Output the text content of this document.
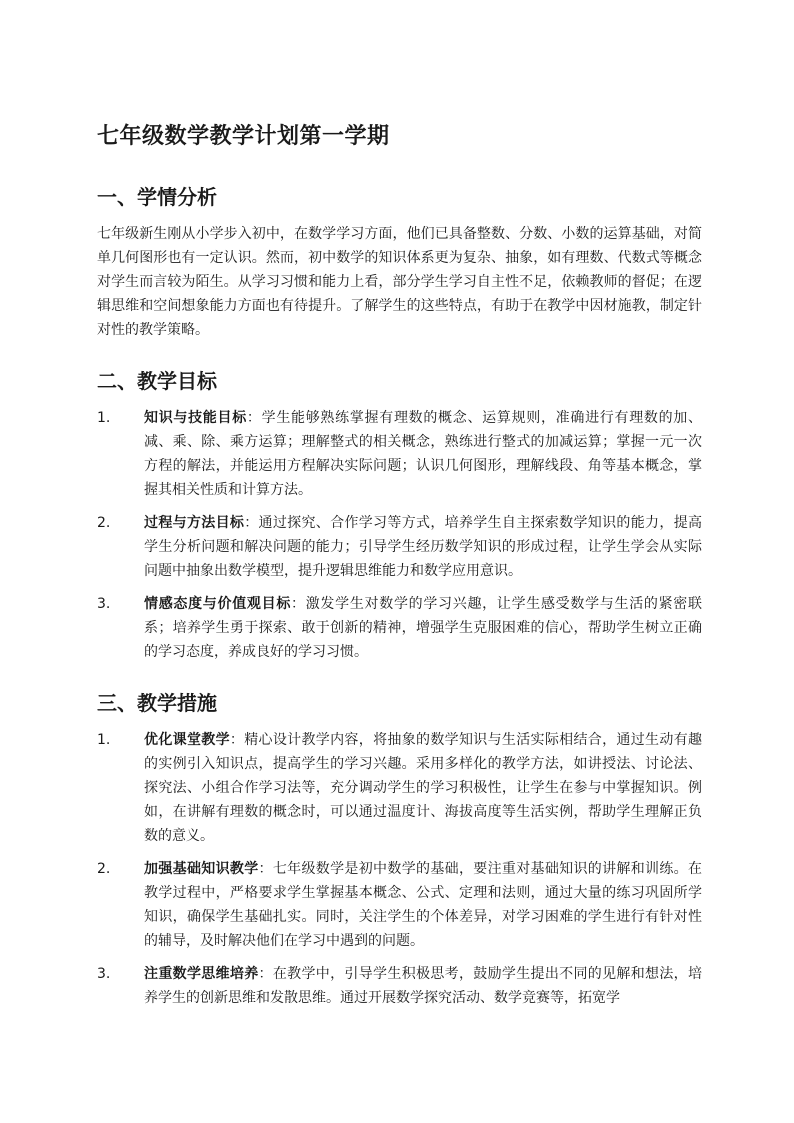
七年级数学教学计划第一学期
一、学情分析

七年级新生刚从小学步入初中，在数学学习方面，他们已具备整数、分数、小数的运算基础，对简单几何图形也有一定认识。然而，初中数学的知识体系更为复杂、抽象，如有理数、代数式等概念对学生而言较为陌生。从学习习惯和能力上看，部分学生学习自主性不足，依赖教师的督促；在逻辑思维和空间想象能力方面也有待提升。了解学生的这些特点，有助于在教学中因材施教，制定针对性的教学策略。

二、教学目标
1.	知识与技能目标：学生能够熟练掌握有理数的概念、运算规则，准确进行有理数的加、减、乘、除、乘方运算；理解整式的相关概念，熟练进行整式的加减运算；掌握一元一次方程的解法，并能运用方程解决实际问题；认识几何图形，理解线段、角等基本概念，掌握其相关性质和计算方法。
2.	过程与方法目标：通过探究、合作学习等方式，培养学生自主探索数学知识的能力，提高学生分析问题和解决问题的能力；引导学生经历数学知识的形成过程，让学生学会从实际问题中抽象出数学模型，提升逻辑思维能力和数学应用意识。
3.	情感态度与价值观目标：激发学生对数学的学习兴趣，让学生感受数学与生活的紧密联系；培养学生勇于探索、敢于创新的精神，增强学生克服困难的信心，帮助学生树立正确的学习态度，养成良好的学习习惯。
三、教学措施
1.	优化课堂教学：精心设计教学内容，将抽象的数学知识与生活实际相结合，通过生动有趣的实例引入知识点，提高学生的学习兴趣。采用多样化的教学方法，如讲授法、讨论法、探究法、小组合作学习法等，充分调动学生的学习积极性，让学生在参与中掌握知识。例如，在讲解有理数的概念时，可以通过温度计、海拔高度等生活实例，帮助学生理解正负数的意义。
2.	加强基础知识教学：七年级数学是初中数学的基础，要注重对基础知识的讲解和训练。在教学过程中，严格要求学生掌握基本概念、公式、定理和法则，通过大量的练习巩固所学知识，确保学生基础扎实。同时，关注学生的个体差异，对学习困难的学生进行有针对性的辅导，及时解决他们在学习中遇到的问题。
3.	注重数学思维培养：在教学中，引导学生积极思考，鼓励学生提出不同的见解和想法，培养学生的创新思维和发散思维。通过开展数学探究活动、数学竞赛等，拓宽学
